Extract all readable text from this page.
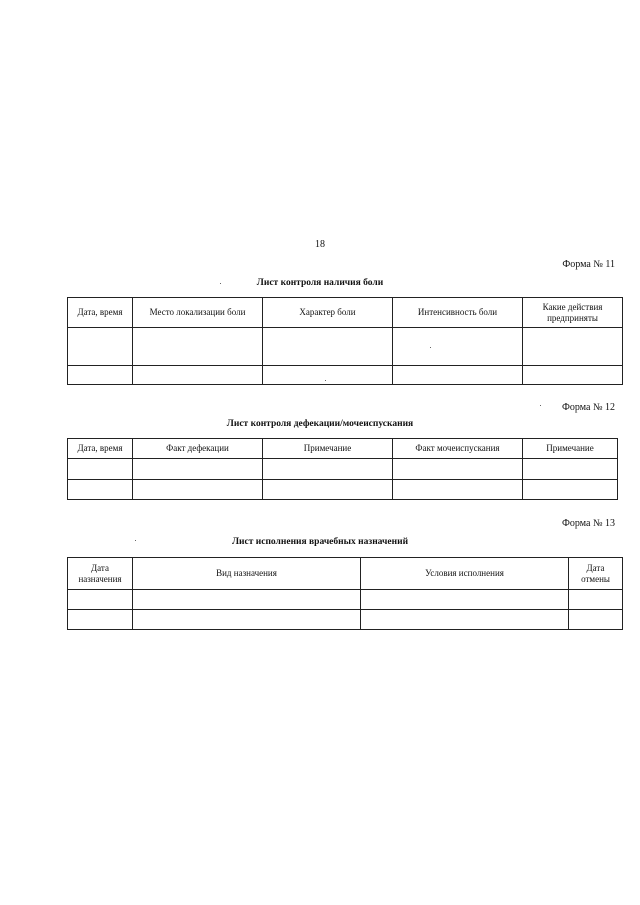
18
Форма № 11
Лист контроля наличия боли
Дата, время	Место локализации боли	Характер боли	Интенсивность боли	Какие действия предприняты

Форма № 12
Лист контроля дефекации/мочеиспускания
Дата, время	Факт дефекации	Примечание	Факт мочеиспускания	Примечание

Форма № 13
Лист исполнения врачебных назначений
Дата назначения	Вид назначения	Условия исполнения	Дата отмены
